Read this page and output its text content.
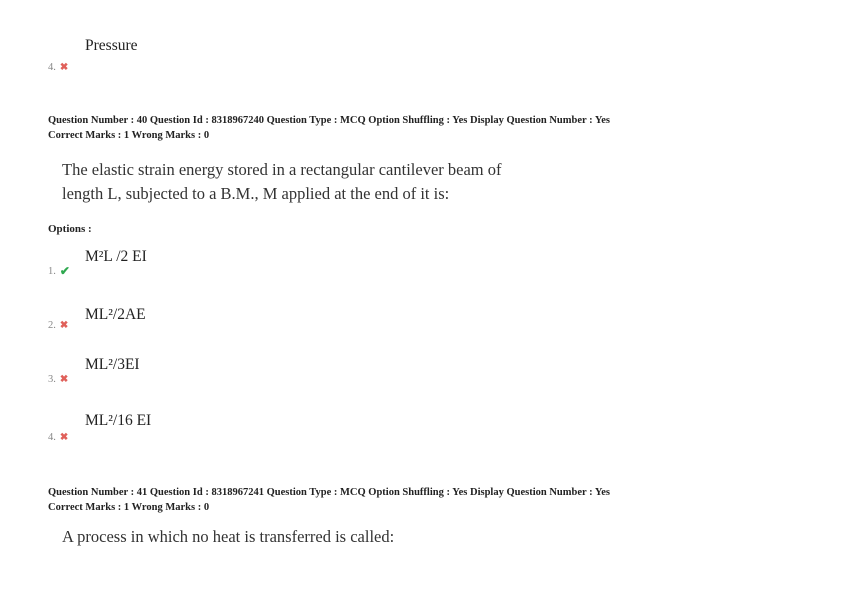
Pressure
4. ✖
Question Number : 40 Question Id : 8318967240 Question Type : MCQ Option Shuffling : Yes Display Question Number : Yes
Correct Marks : 1 Wrong Marks : 0
The elastic strain energy stored in a rectangular cantilever beam of
length L, subjected to a B.M., M applied at the end of it is:
Options :
M²L /2 EI
1. ✔
ML²/2AE
2. ✖
ML²/3EI
3. ✖
ML²/16 EI
4. ✖
Question Number : 41 Question Id : 8318967241 Question Type : MCQ Option Shuffling : Yes Display Question Number : Yes
Correct Marks : 1 Wrong Marks : 0
A process in which no heat is transferred is called:
